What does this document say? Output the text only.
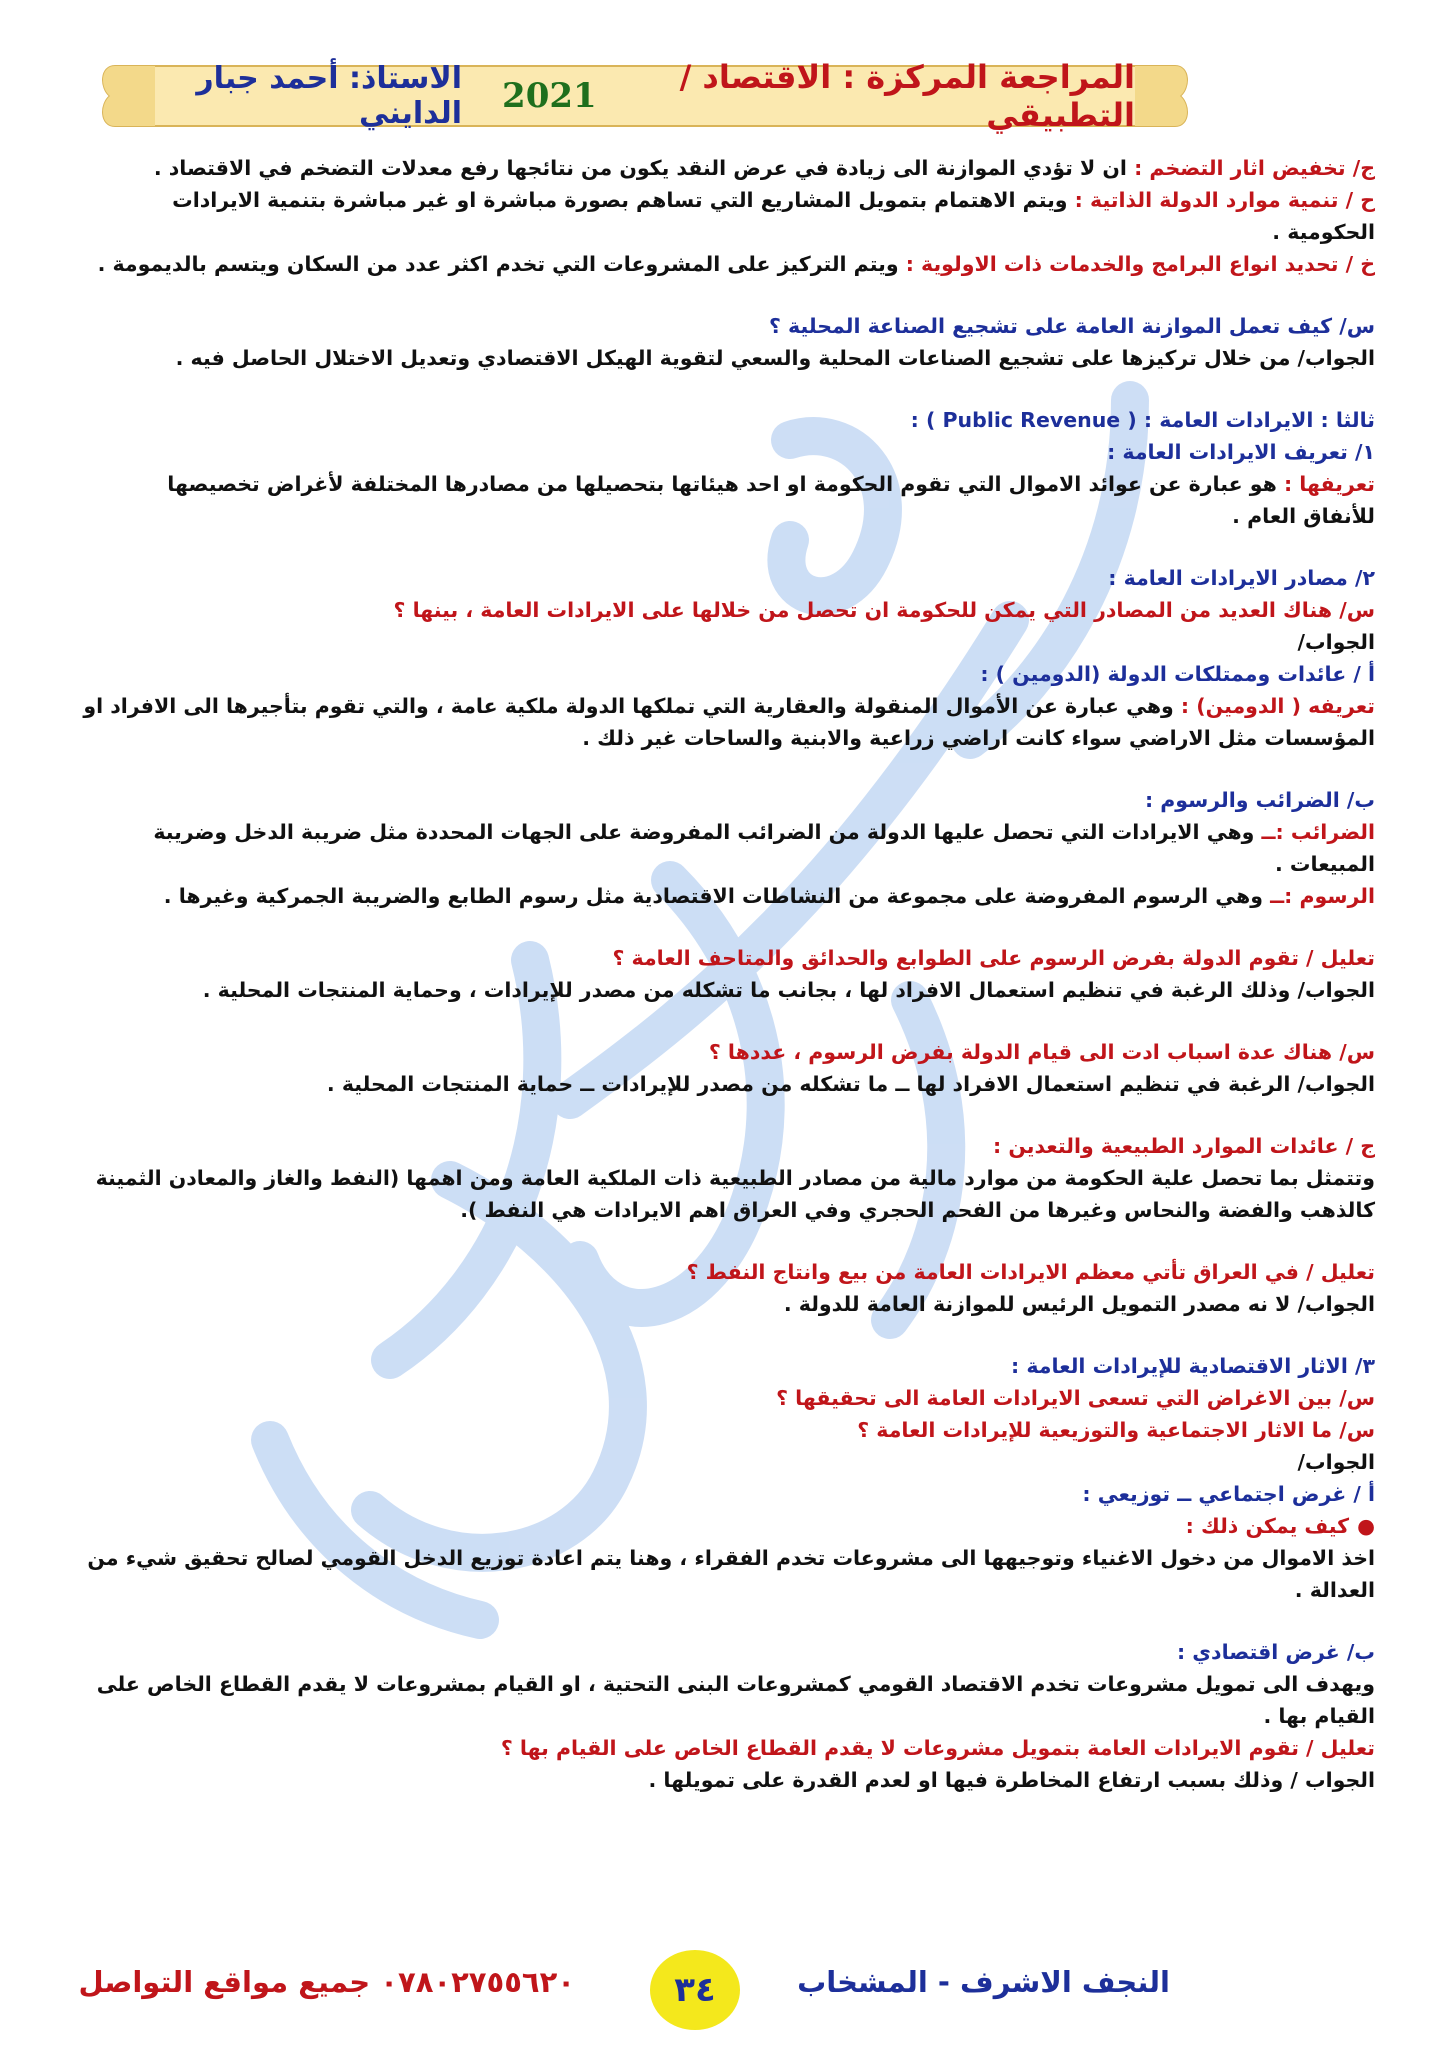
المراجعة المركزة : الاقتصاد / التطبيقي
2021
الاستاذ: أحمد جبار الدايني
ج/ تخفيض اثار التضخم : ان لا تؤدي الموازنة الى زيادة في عرض النقد يكون من نتائجها رفع معدلات التضخم في الاقتصاد .
ح / تنمية موارد الدولة الذاتية : ويتم الاهتمام بتمويل المشاريع التي تساهم بصورة مباشرة او غير مباشرة بتنمية الايرادات
الحكومية .
خ / تحديد انواع البرامج والخدمات ذات الاولوية : ويتم التركيز على المشروعات التي تخدم اكثر عدد من السكان ويتسم بالديمومة .
س/ كيف تعمل الموازنة العامة على تشجيع الصناعة المحلية ؟
الجواب/ من خلال تركيزها على تشجيع الصناعات المحلية والسعي لتقوية الهيكل الاقتصادي وتعديل الاختلال الحاصل فيه .
ثالثا : الايرادات العامة : ( Public Revenue ) :
١/ تعريف الايرادات العامة :
تعريفها : هو عبارة عن عوائد الاموال التي تقوم الحكومة او احد هيئاتها بتحصيلها من مصادرها المختلفة لأغراض تخصيصها
للأنفاق العام .
٢/ مصادر الايرادات العامة :
س/ هناك العديد من المصادر التي يمكن للحكومة ان تحصل من خلالها على الايرادات العامة ، بينها ؟
الجواب/
أ / عائدات وممتلكات الدولة (الدومين ) :
تعريفه ( الدومين) : وهي عبارة عن الأموال المنقولة والعقارية التي تملكها الدولة ملكية عامة ، والتي تقوم بتأجيرها الى الافراد او
المؤسسات مثل الاراضي سواء كانت اراضي زراعية والابنية والساحات غير ذلك .
ب/ الضرائب والرسوم :
الضرائب :ــ وهي الايرادات التي تحصل عليها الدولة من الضرائب المفروضة على الجهات المحددة مثل ضريبة الدخل وضريبة
المبيعات .
الرسوم :ــ وهي الرسوم المفروضة على مجموعة من النشاطات الاقتصادية مثل رسوم الطابع والضريبة الجمركية وغيرها .
تعليل / تقوم الدولة بفرض الرسوم على الطوابع والحدائق والمتاحف العامة ؟
الجواب/ وذلك الرغبة في تنظيم استعمال الافراد لها ، بجانب ما تشكله من مصدر للإيرادات ، وحماية المنتجات المحلية .
س/ هناك عدة اسباب ادت الى قيام الدولة بفرض الرسوم ، عددها ؟
الجواب/ الرغبة في تنظيم استعمال الافراد لها ــ ما تشكله من مصدر للإيرادات ــ حماية المنتجات المحلية .
ج / عائدات الموارد الطبيعية والتعدين :
وتتمثل بما تحصل علية الحكومة من موارد مالية من مصادر الطبيعية ذات الملكية العامة ومن اهمها (النفط والغاز والمعادن الثمينة
كالذهب والفضة والنحاس وغيرها من الفحم الحجري وفي العراق اهم الايرادات هي النفط ).
تعليل / في العراق تأتي معظم الايرادات العامة من بيع وانتاج النفط ؟
الجواب/ لا نه مصدر التمويل الرئيس للموازنة العامة للدولة .
٣/ الاثار الاقتصادية للإيرادات العامة :
س/ بين الاغراض التي تسعى الايرادات العامة الى تحقيقها ؟
س/ ما الاثار الاجتماعية والتوزيعية للإيرادات العامة ؟
الجواب/
أ / غرض اجتماعي ــ توزيعي :
●كيف يمكن ذلك :
اخذ الاموال من دخول الاغنياء وتوجيهها الى مشروعات تخدم الفقراء ، وهنا يتم اعادة توزيع الدخل القومي لصالح تحقيق شيء من
العدالة .
ب/ غرض اقتصادي :
ويهدف الى تمويل مشروعات تخدم الاقتصاد القومي كمشروعات البنى التحتية ، او القيام بمشروعات لا يقدم القطاع الخاص على
القيام بها .
تعليل / تقوم الايرادات العامة بتمويل مشروعات لا يقدم القطاع الخاص على القيام بها ؟
الجواب / وذلك بسبب ارتفاع المخاطرة فيها او لعدم القدرة على تمويلها .
النجف الاشرف - المشخاب
٣٤
٠٧٨٠٢٧٥٥٦٢٠ جميع مواقع التواصل
